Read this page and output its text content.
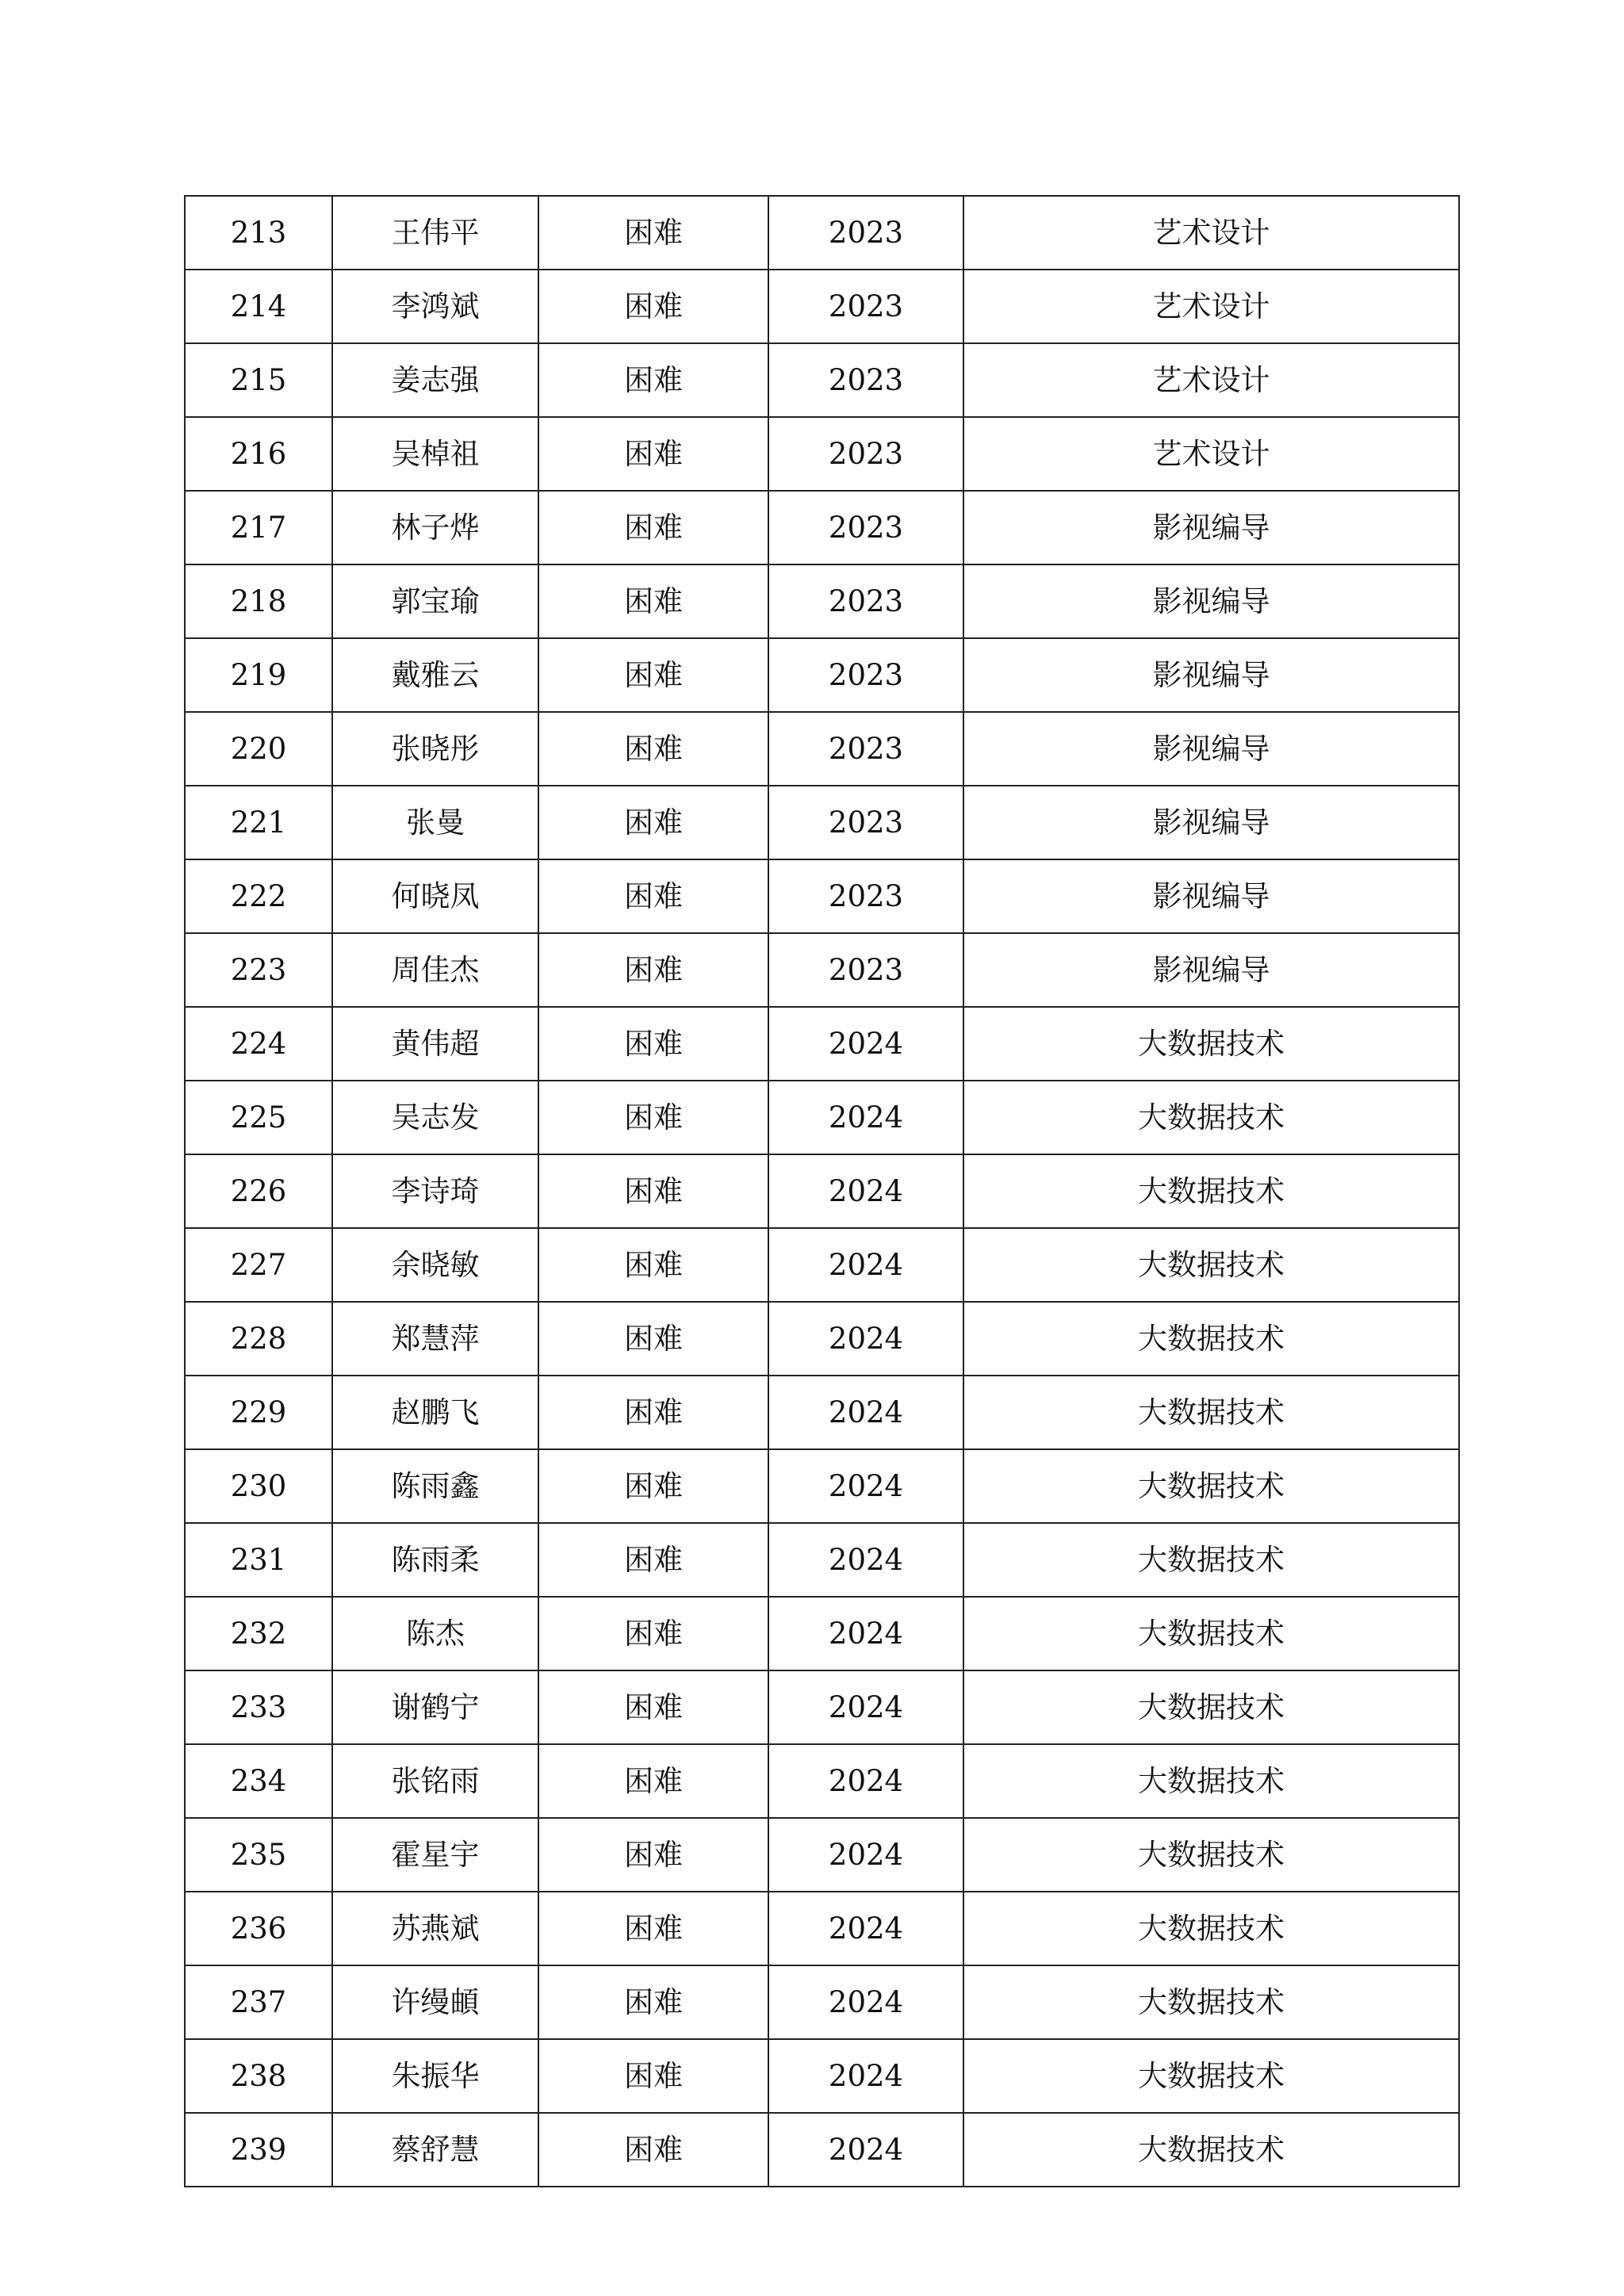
213	王伟平	困难	2023	艺术设计
214	李鸿斌	困难	2023	艺术设计
215	姜志强	困难	2023	艺术设计
216	吴棹祖	困难	2023	艺术设计
217	林子烨	困难	2023	影视编导
218	郭宝瑜	困难	2023	影视编导
219	戴雅云	困难	2023	影视编导
220	张晓彤	困难	2023	影视编导
221	张曼	困难	2023	影视编导
222	何晓凤	困难	2023	影视编导
223	周佳杰	困难	2023	影视编导
224	黄伟超	困难	2024	大数据技术
225	吴志发	困难	2024	大数据技术
226	李诗琦	困难	2024	大数据技术
227	余晓敏	困难	2024	大数据技术
228	郑慧萍	困难	2024	大数据技术
229	赵鹏飞	困难	2024	大数据技术
230	陈雨鑫	困难	2024	大数据技术
231	陈雨柔	困难	2024	大数据技术
232	陈杰	困难	2024	大数据技术
233	谢鹤宁	困难	2024	大数据技术
234	张铭雨	困难	2024	大数据技术
235	霍星宇	困难	2024	大数据技术
236	苏燕斌	困难	2024	大数据技术
237	许缦頔	困难	2024	大数据技术
238	朱振华	困难	2024	大数据技术
239	蔡舒慧	困难	2024	大数据技术
